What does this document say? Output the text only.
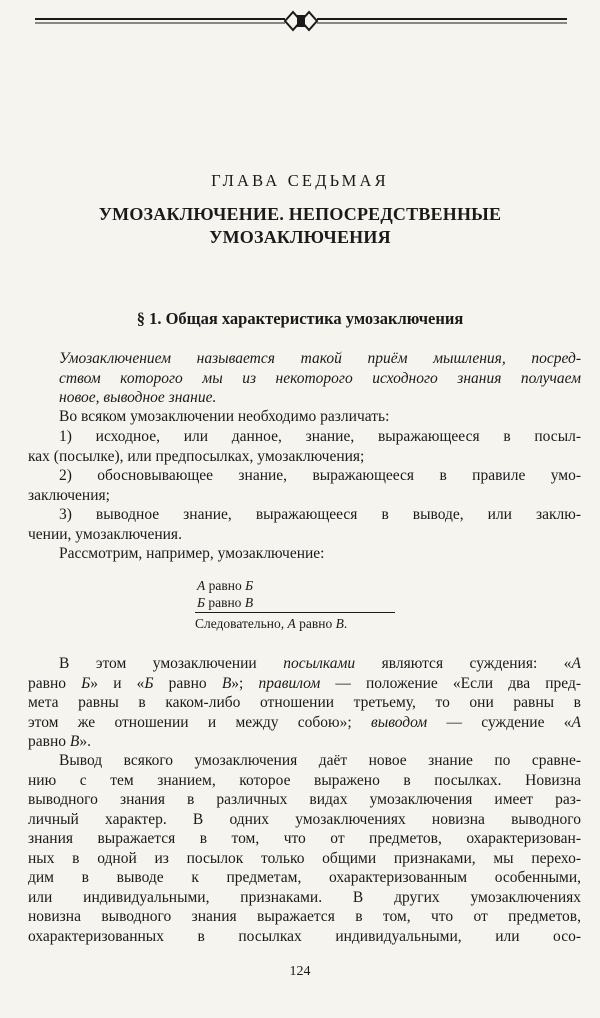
ГЛАВА СЕДЬМАЯ
УМОЗАКЛЮЧЕНИЕ. НЕПОСРЕДСТВЕННЫЕ
УМОЗАКЛЮЧЕНИЯ
§ 1. Общая характеристика умозаключения
Умозаключением называется такой приём мышления, посред-
ством которого мы из некоторого исходного знания получаем
новое, выводное знание.
Во всяком умозаключении необходимо различать:
1) исходное, или данное, знание, выражающееся в посыл-
ках (посылке), или предпосылках, умозаключения;
2) обосновывающее знание, выражающееся в правиле умо-
заключения;
3) выводное знание, выражающееся в выводе, или заклю-
чении, умозаключения.
Рассмотрим, например, умозаключение:
А равно Б
Б равно В
Следовательно, А равно В.
В этом умозаключении посылками являются суждения: «А
равно Б» и «Б равно В»; правилом — положение «Если два пред-
мета равны в каком-либо отношении третьему, то они равны в
этом же отношении и между собою»; выводом — суждение «А
равно В».
Вывод всякого умозаключения даёт новое знание по сравне-
нию с тем знанием, которое выражено в посылках. Новизна
выводного знания в различных видах умозаключения имеет раз-
личный характер. В одних умозаключениях новизна выводного
знания выражается в том, что от предметов, охарактеризован-
ных в одной из посылок только общими признаками, мы перехо-
дим в выводе к предметам, охарактеризованным особенными,
или индивидуальными, признаками. В других умозаключениях
новизна выводного знания выражается в том, что от предметов,
охарактеризованных в посылках индивидуальными, или осо-
124
